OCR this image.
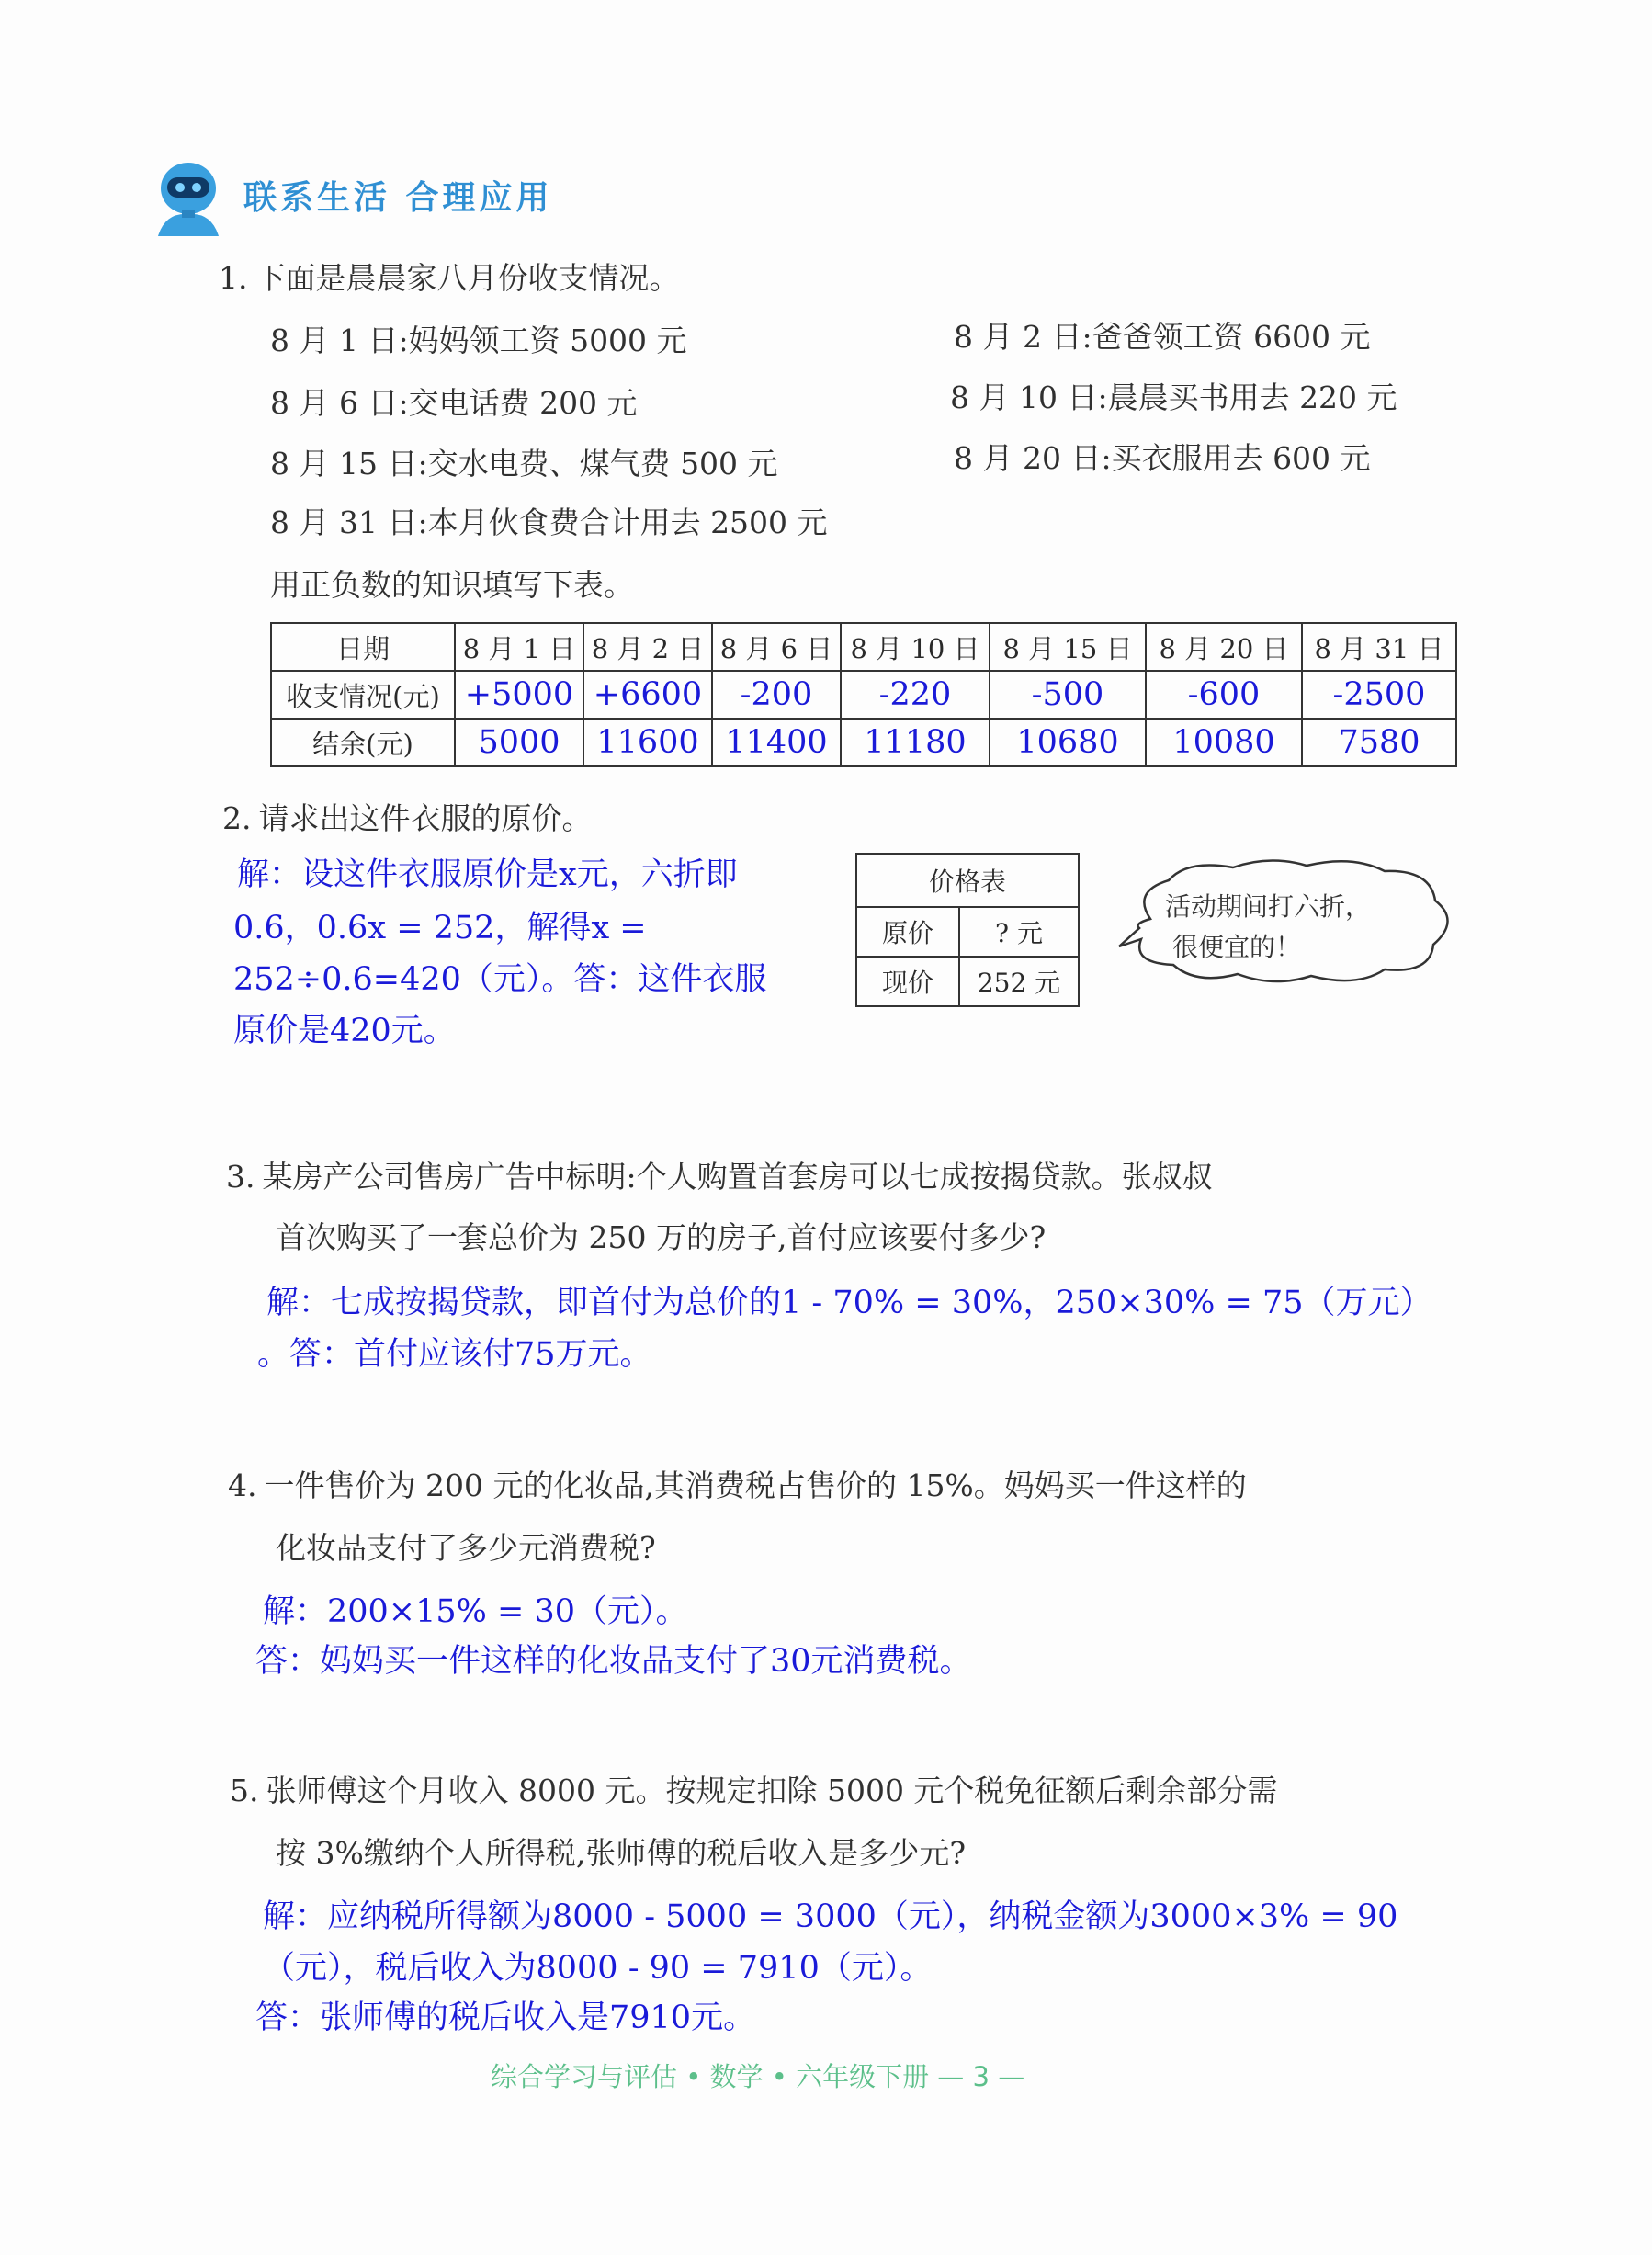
联系生活 合理应用
1. 下面是晨晨家八月份收支情况。
8 月 1 日:妈妈领工资 5000 元	8 月 2 日:爸爸领工资 6600 元
8 月 6 日:交电话费 200 元	8 月 10 日:晨晨买书用去 220 元
8 月 15 日:交水电费、煤气费 500 元	8 月 20 日:买衣服用去 600 元
8 月 31 日:本月伙食费合计用去 2500 元
用正负数的知识填写下表。
日期	8 月 1 日	8 月 2 日	8 月 6 日	8 月 10 日	8 月 15 日	8 月 20 日	8 月 31 日
收支情况(元)	+5000	+6600	-200	-220	-500	-600	-2500
结余(元)	5000	11600	11400	11180	10680	10080	7580
2. 请求出这件衣服的原价。
解：设这件衣服原价是x元，六折即
0.6，0.6x = 252，解得x =
252÷0.6=420（元）。答：这件衣服
原价是420元。
价格表	
原价	? 元
现价	252 元
活动期间打六折，
很便宜的！
3. 某房产公司售房广告中标明:个人购置首套房可以七成按揭贷款。张叔叔
首次购买了一套总价为 250 万的房子,首付应该要付多少?
解：七成按揭贷款，即首付为总价的1 - 70% = 30%，250×30% = 75（万元）
。答：首付应该付75万元。
4. 一件售价为 200 元的化妆品,其消费税占售价的 15%。妈妈买一件这样的
化妆品支付了多少元消费税?
解：200×15% = 30（元）。
答：妈妈买一件这样的化妆品支付了30元消费税。
5. 张师傅这个月收入 8000 元。按规定扣除 5000 元个税免征额后剩余部分需
按 3%缴纳个人所得税,张师傅的税后收入是多少元?
解：应纳税所得额为8000 - 5000 = 3000（元），纳税金额为3000×3% = 90
（元），税后收入为8000 - 90 = 7910（元）。
答：张师傅的税后收入是7910元。
综合学习与评估 • 数学 • 六年级下册 — 3 —
